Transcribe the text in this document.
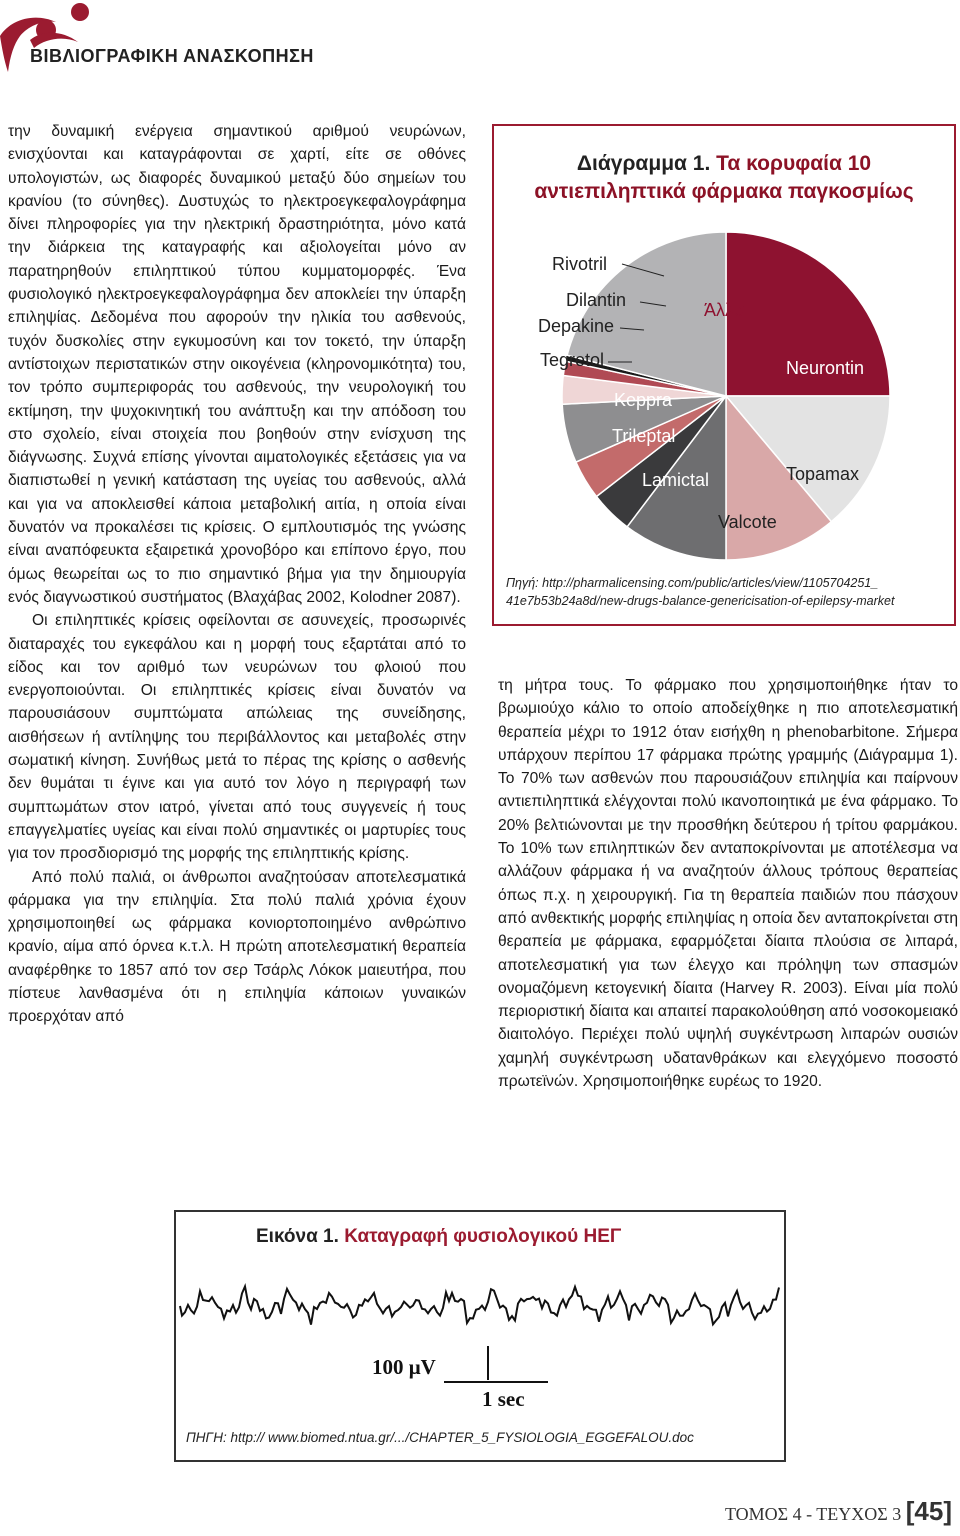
ΒΙΒΛΙΟΓΡΑΦΙΚΗ ΑΝΑΣΚΟΠΗΣΗ

την δυναμική ενέργεια σημαντικού αριθμού νευρώνων, ενισχύονται και καταγράφονται σε χαρτί, είτε σε οθόνες υπολογιστών, ως διαφορές δυναμικού μεταξύ δύο σημείων του κρανίου (το σύνηθες). Δυστυχώς το ηλεκτροεγκεφαλογράφημα δίνει πληροφορίες για την ηλεκτρική δραστηριότητα, μόνο κατά την διάρκεια της καταγραφής και αξιολογείται μόνο αν παρατηρηθούν επιληπτικού τύπου κυμματομορφές. Ένα φυσιολογικό ηλεκτροεγκεφαλογράφημα δεν αποκλείει την ύπαρξη επιληψίας. Δεδομένα που αφορούν την ηλικία του ασθενούς, τυχόν δυσκολίες στην εγκυμοσύνη και τον τοκετό, την ύπαρξη αντίστοιχων περιστατικών στην οικογένεια (κληρονομικότητα) του, τον τρόπο συμπεριφοράς του ασθενούς, την νευρολογική του εκτίμηση, την ψυχοκινητική του ανάπτυξη και την απόδοση του στο σχολείο, είναι στοιχεία που βοηθούν στην ενίσχυση της διάγνωσης. Συχνά επίσης γίνονται αιματολογικές εξετάσεις για να διαπιστωθεί η γενική κατάσταση της υγείας του ασθενούς, αλλά και για να αποκλεισθεί κάποια μεταβολική αιτία, η οποία είναι δυνατόν να προκαλέσει τις κρίσεις. Ο εμπλουτισμός της γνώσης είναι αναπόφευκτα εξαιρετικά χρονοβόρο και επίπονο έργο, που όμως θεωρείται ως το πιο σημαντικό βήμα για την δημιουργία ενός διαγνωστικού συστήματος (Βλαχάβας 2002, Kolodner 2087).

Οι επιληπτικές κρίσεις οφείλονται σε ασυνεχείς, προσωρινές διαταραχές του εγκεφάλου και η μορφή τους εξαρτάται από το είδος και τον αριθμό των νευρώνων του φλοιού που ενεργοποιούνται. Οι επιληπτικές κρίσεις είναι δυνατόν να παρουσιάσουν συμπτώματα απώλειας της συνείδησης, αισθήσεων ή αντίληψης του περιβάλλοντος και μεταβολές στην σωματική κίνηση. Συνήθως μετά το πέρας της κρίσης ο ασθενής δεν θυμάται τι έγινε και για αυτό τον λόγο η περιγραφή των συμπτωμάτων στον ιατρό, γίνεται από τους συγγενείς ή τους επαγγελματίες υγείας και είναι πολύ σημαντικές οι μαρτυρίες τους για τον προσδιορισμό της μορφής της επιληπτικής κρίσης.

Από πολύ παλιά, οι άνθρωποι αναζητούσαν αποτελεσματικά φάρμακα για την επιληψία. Στα πολύ παλιά χρόνια έχουν χρησιμοποιηθεί ως φάρμακα κονιορτοποιημένο ανθρώπινο κρανίο, αίμα από όρνεα κ.τ.λ. Η πρώτη αποτελεσματική θεραπεία αναφέρθηκε το 1857 από τον σερ Τσάρλς Λόκοκ μαιευτήρα, που πίστευε λανθασμένα ότι η επιληψία κάποιων γυναικών προερχόταν από

Διάγραμμα 1. Τα κορυφαία 10
αντιεπιληπτικά φάρμακα παγκοσμίως
Neurontin
Topamax
Valcote
Lamictal
Trileptal
Keppra
Tegretol
Depakine
Dilantin
Rivotril
Άλλα
Πηγή: http://pharmalicensing.com/public/articles/view/1105704251_
41e7b53b24a8d/new-drugs-balance-genericisation-of-epilepsy-market

τη μήτρα τους. Το φάρμακο που χρησιμοποιήθηκε ήταν το βρωμιούχο κάλιο το οποίο αποδείχθηκε η πιο αποτελεσματική θεραπεία μέχρι το 1912 όταν εισήχθη η phenobarbitone. Σήμερα υπάρχουν περίπου 17 φάρμακα πρώτης γραμμής (Διάγραμμα 1). Το 70% των ασθενών που παρουσιάζουν επιληψία και παίρνουν αντιεπιληπτικά ελέγχονται πολύ ικανοποιητικά με ένα φάρμακο. Το 20% βελτιώνονται με την προσθήκη δεύτερου ή τρίτου φαρμάκου. Το 10% των επιληπτικών δεν ανταποκρίνονται με αποτέλεσμα να αλλάζουν φάρμακα ή να αναζητούν άλλους τρόπους θεραπείας όπως π.χ. η χειρουργική. Για τη θεραπεία παιδιών που πάσχουν από ανθεκτικής μορφής επιληψίας η οποία δεν ανταποκρίνεται στη θεραπεία με φάρμακα, εφαρμόζεται δίαιτα πλούσια σε λιπαρά, αποτελεσματική για των έλεγχο και πρόληψη των σπασμών ονομαζόμενη κετογενική δίαιτα (Harvey R. 2003). Είναι μία πολύ περιοριστική δίαιτα και απαιτεί παρακολούθηση από νοσοκομειακό διαιτολόγο. Περιέχει πολύ υψηλή συγκέντρωση λιπαρών ουσιών χαμηλή συγκέντρωση υδατανθράκων και ελεγχόμενο ποσοστό πρωτεϊνών. Χρησιμοποιήθηκε ευρέως το 1920.

Εικόνα 1. Καταγραφή φυσιολογικού ΗΕΓ
100 μV
1 sec
ΠΗΓΗ: http:// www.biomed.ntua.gr/.../CHAPTER_5_FYSIOLOGIA_EGGEFALOU.doc
ΤΟΜΟΣ 4 - ΤΕΥΧΟΣ 3 [45]
